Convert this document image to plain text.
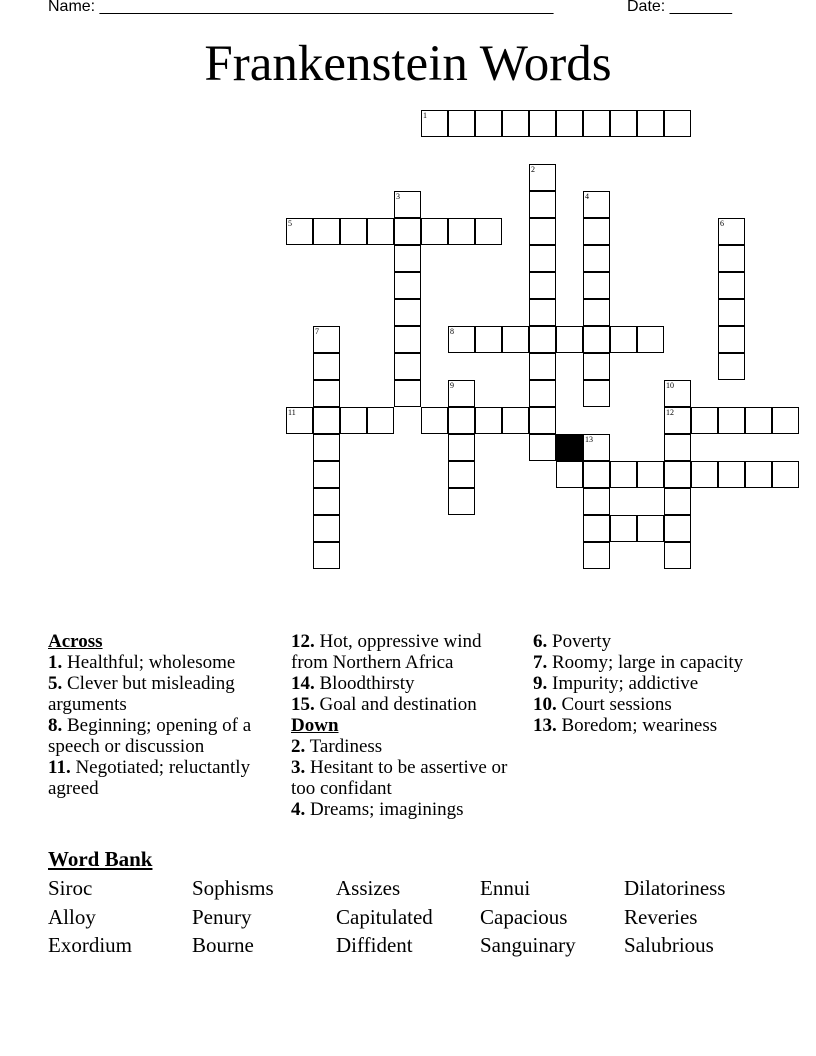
Name: ___________________________________________________	Date: _______
Frankenstein Words
1
2
3	4
5	6
7	8
9	10
12
11
13
Across
1. Healthful; wholesome
5. Clever but misleading arguments
8. Beginning; opening of a speech or discussion
11. Negotiated; reluctantly agreed
12. Hot, oppressive wind from Northern Africa
14. Bloodthirsty
15. Goal and destination
Down
2. Tardiness
3. Hesitant to be assertive or too confidant
4. Dreams; imaginings
6. Poverty
7. Roomy; large in capacity
9. Impurity; addictive
10. Court sessions
13. Boredom; weariness
Word Bank
Siroc	Sophisms	Assizes	Ennui	Dilatoriness
Alloy	Penury	Capitulated	Capacious	Reveries
Exordium	Bourne	Diffident	Sanguinary	Salubrious
